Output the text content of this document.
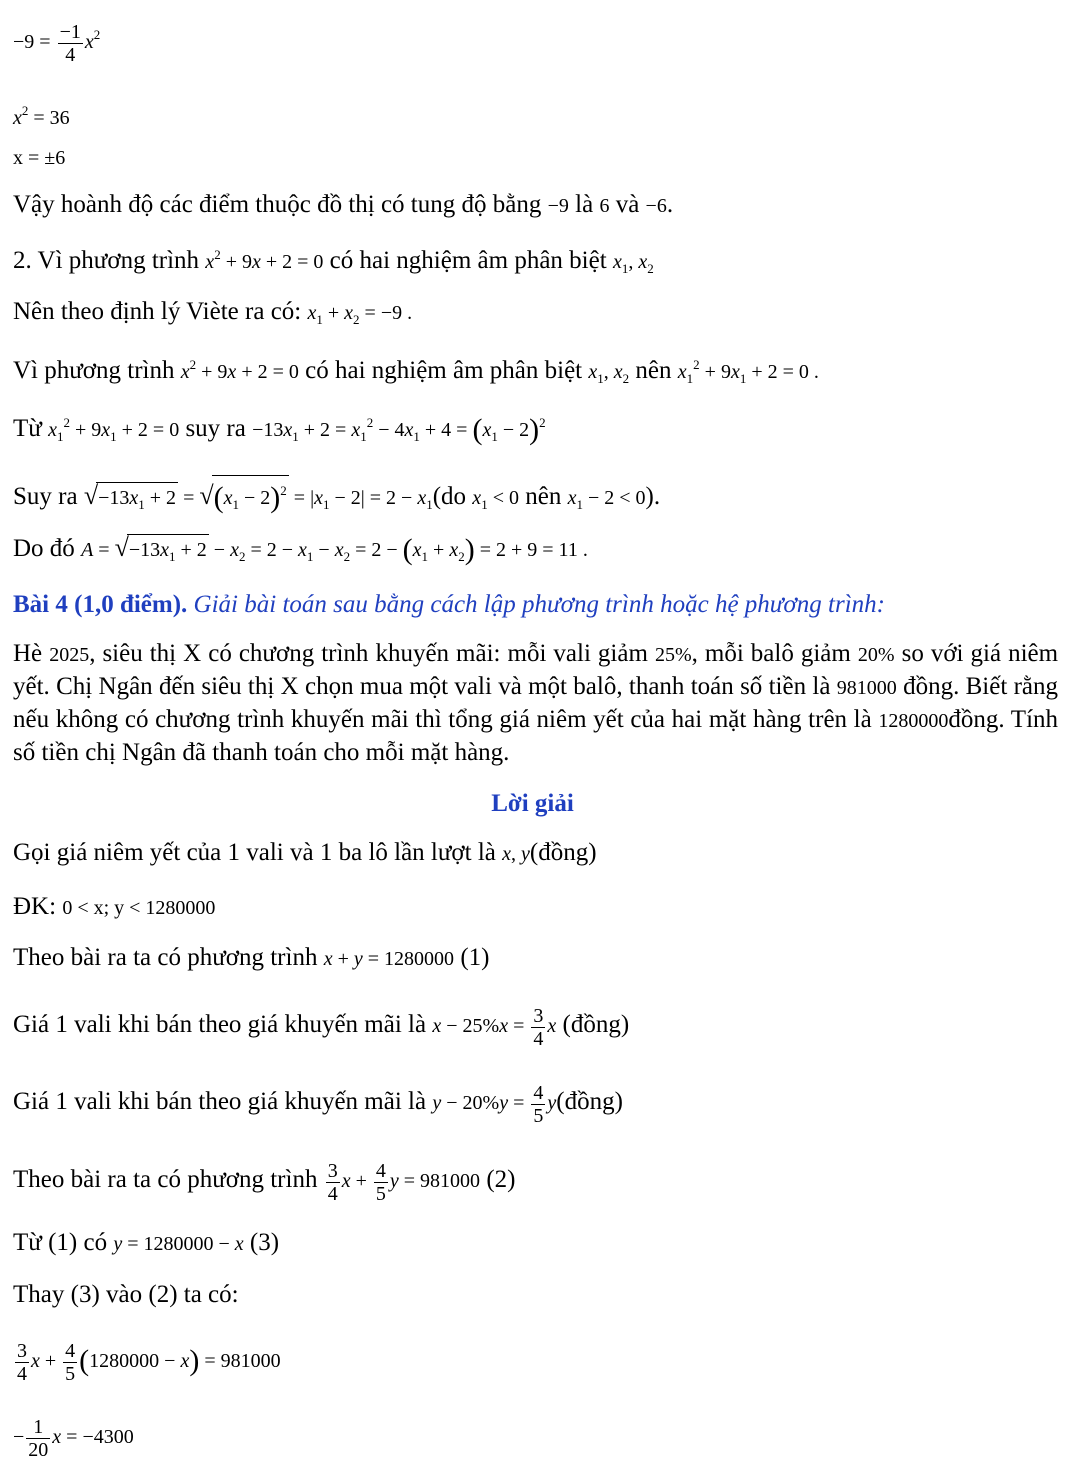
$-9 = \frac{-1}{4} x^2$
$x^2 = 36$
x = ±6
Vậy hoành độ các điểm thuộc đồ thị có tung độ bằng −9 là 6 và −6.
2. Vì phương trình $x^2 + 9x + 2 = 0$ có hai nghiệm âm phân biệt $x_1$, $x_2$
Nên theo định lý Viète ra có: $x_1 + x_2 = -9$ .
Vì phương trình $x^2 + 9x + 2 = 0$ có hai nghiệm âm phân biệt $x_1$, $x_2$ nên $x_1^2 + 9x_1 + 2 = 0$ .
Từ $x_1^2 + 9x_1 + 2 = 0$ suy ra $-13x_1 + 2 = x_1^2 - 4x_1 + 4 = (x_1 - 2)^2$
Suy ra $√-13x_1 + 2 = √(x_1 - 2)^2 = |x_1 - 2| = 2 - x_1(do$ $x_1 < 0$ nên $x_1 - 2 < 0$).
Do đó $A = √-13x_1 + 2 - x_2 = 2 - x_1 - x_2 = 2 - (x_1 + x_2) = 2 + 9 = 11$ .
Bài 4 (1,0 điểm). Giải bài toán sau bằng cách lập phương trình hoặc hệ phương trình:
Hè 2025, siêu thị X có chương trình khuyến mãi: mỗi vali giảm 25%, mỗi balô giảm 20% so với giá niêm yết. Chị Ngân đến siêu thị X chọn mua một vali và một balô, thanh toán số tiền là 981000 đồng. Biết rằng nếu không có chương trình khuyến mãi thì tổng giá niêm yết của hai mặt hàng trên là 1280000đồng. Tính số tiền chị Ngân đã thanh toán cho mỗi mặt hàng.
Lời giải
Gọi giá niêm yết của 1 vali và 1 ba lô lần lượt là x, y(đồng)
ĐK: 0 < x; y < 1280000
Theo bài ra ta có phương trình x + y = 1280000 (1)
Giá 1 vali khi bán theo giá khuyến mãi là $x - 25\%x = \frac{3}{4}$ x (đồng)
Giá 1 vali khi bán theo giá khuyến mãi là $y - 20\%y = \frac{4}{5}$ y(đồng)
Theo bài ra ta có phương trình $\frac{3}{4}$ $x + \frac{4}{5}$ y = 981000 (2)
Từ (1) có y = 1280000 − x (3)
Thay (3) vào (2) ta có:
$\frac{3}{4}$ $x + \frac{4}{5} (1280000 - x) = 981000$
− $\frac{1}{20}$ x = −4300
